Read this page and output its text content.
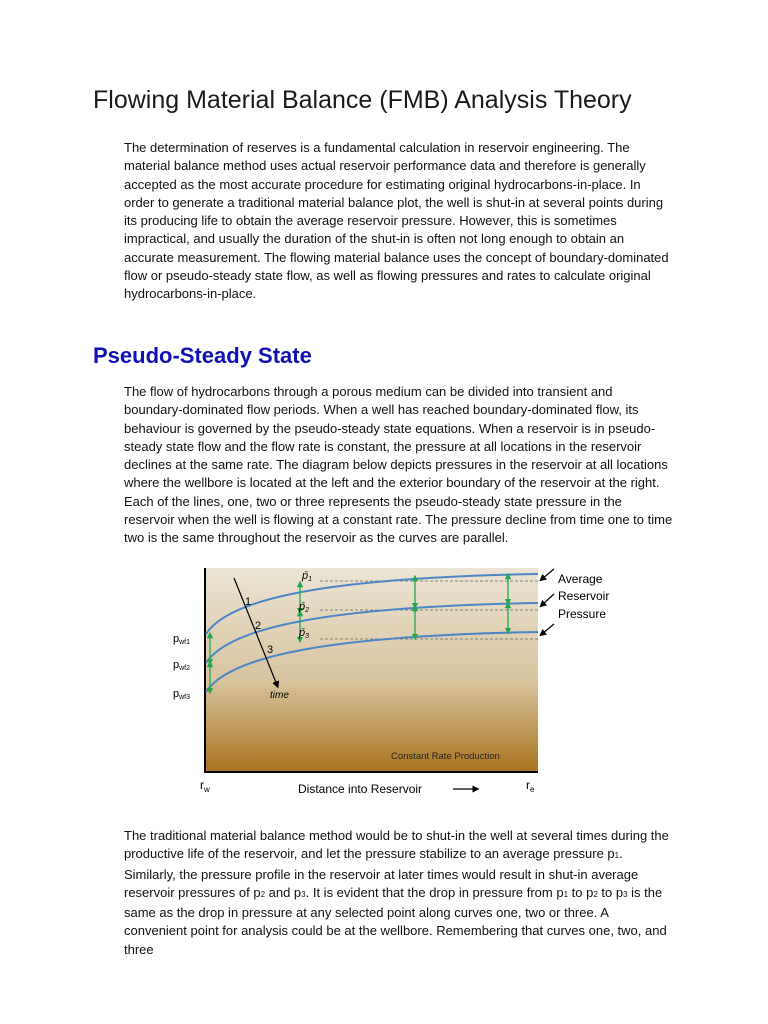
Flowing Material Balance (FMB) Analysis Theory

The determination of reserves is a fundamental calculation in reservoir engineering. The material balance method uses actual reservoir performance data and therefore is generally accepted as the most accurate procedure for estimating original hydrocarbons-in-place. In order to generate a traditional material balance plot, the well is shut-in at several points during its producing life to obtain the average reservoir pressure. However, this is sometimes impractical, and usually the duration of the shut-in is often not long enough to obtain an accurate measurement. The flowing material balance uses the concept of boundary-dominated flow or pseudo-steady state flow, as well as flowing pressures and rates to calculate original hydrocarbons-in-place.

Pseudo-Steady State

The flow of hydrocarbons through a porous medium can be divided into transient and boundary-dominated flow periods. When a well has reached boundary-dominated flow, its behaviour is governed by the pseudo-steady state equations. When a reservoir is in pseudo-steady state flow and the flow rate is constant, the pressure at all locations in the reservoir declines at the same rate. The diagram below depicts pressures in the reservoir at all locations where the wellbore is located at the left and the exterior boundary of the reservoir at the right. Each of the lines, one, two or three represents the pseudo-steady state pressure in the reservoir when the well is flowing at a constant rate. The pressure decline from time one to time two is the same throughout the reservoir as the curves are parallel.

1
2
3
time
p̄1
p̄2
p̄3
pwf1
pwf2
pwf3
Constant Rate Production
Average
Reservoir
Pressure
$r_w$	Distance into Reservoir	$r_e$

The traditional material balance method would be to shut-in the well at several times during the productive life of the reservoir, and let the pressure stabilize to an average pressure p1. Similarly, the pressure profile in the reservoir at later times would result in shut-in average reservoir pressures of p2 and p3. It is evident that the drop in pressure from p1 to p2 to p3 is the same as the drop in pressure at any selected point along curves one, two or three. A convenient point for analysis could be at the wellbore. Remembering that curves one, two, and three
